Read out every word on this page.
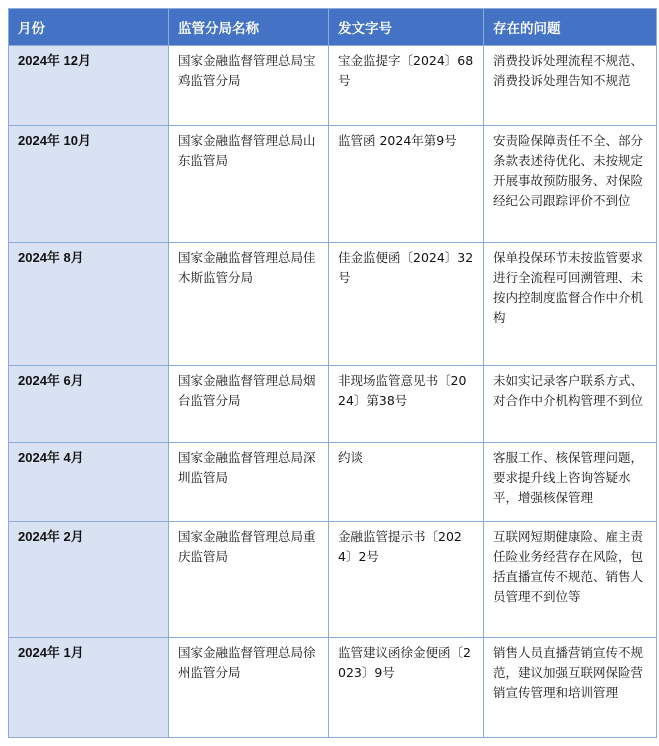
月份	监管分局名称	发文字号	存在的问题
2024年 12月	国家金融监督管理总局宝鸡监管分局	宝金监提字〔2024〕68号	消费投诉处理流程不规范、消费投诉处理告知不规范
2024年 10月	国家金融监督管理总局山东监管局	监管函 2024年第9号	安责险保障责任不全、部分条款表述待优化、未按规定开展事故预防服务、对保险经纪公司跟踪评价不到位
2024年 8月	国家金融监督管理总局佳木斯监管分局	佳金监便函〔2024〕32号	保单投保环节未按监管要求进行全流程可回溯管理、未按内控制度监督合作中介机构
2024年 6月	国家金融监督管理总局烟台监管分局	非现场监管意见书〔2024〕第38号	未如实记录客户联系方式、对合作中介机构管理不到位
2024年 4月	国家金融监督管理总局深圳监管局	约谈	客服工作、核保管理问题，要求提升线上咨询答疑水平，增强核保管理
2024年 2月	国家金融监督管理总局重庆监管局	金融监管提示书〔2024〕2号	互联网短期健康险、雇主责任险业务经营存在风险，包括直播宣传不规范、销售人员管理不到位等
2024年 1月	国家金融监督管理总局徐州监管分局	监管建议函徐金便函〔2023〕9号	销售人员直播营销宣传不规范，建议加强互联网保险营销宣传管理和培训管理
